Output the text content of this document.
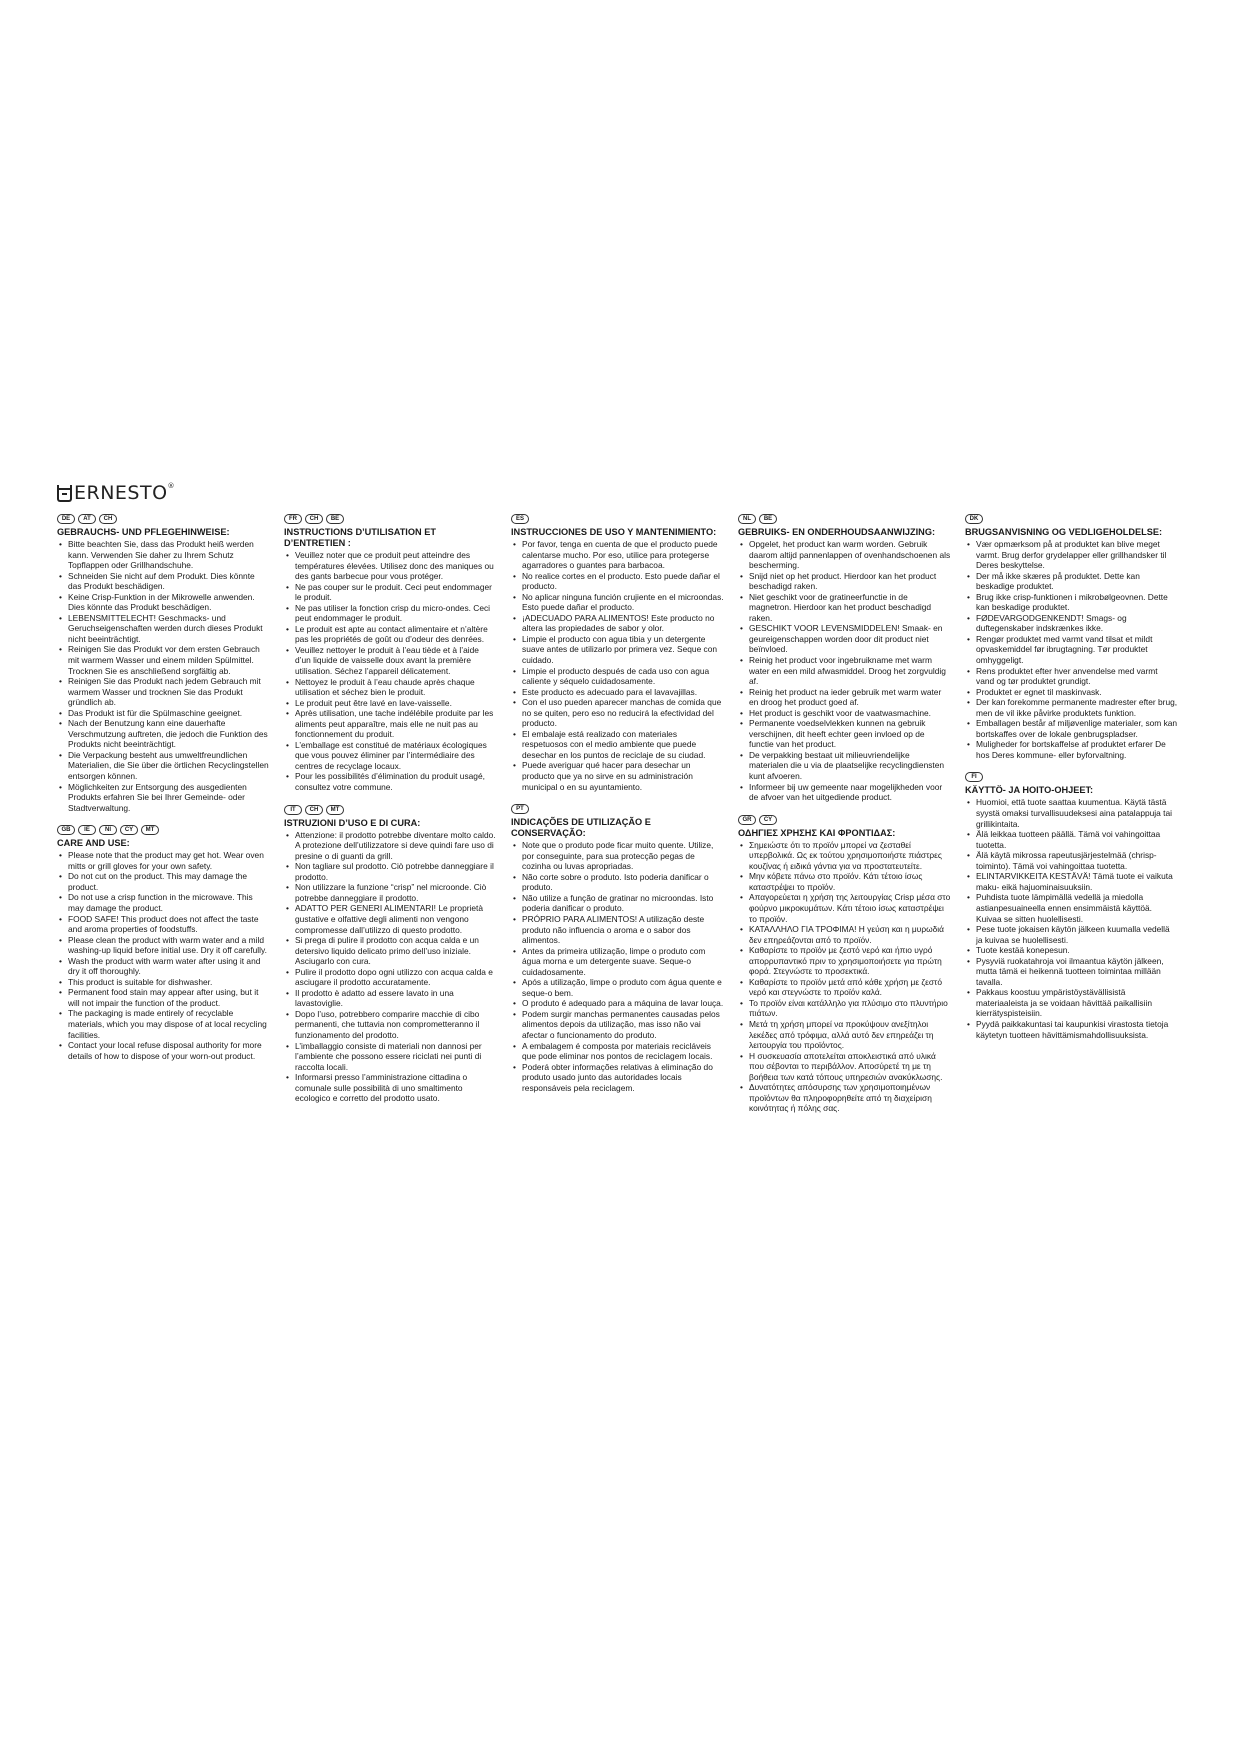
ERNESTO®
DE	AT	CH
GEBRAUCHS- UND PFLEGEHINWEISE:
• Bitte beachten Sie, dass das Produkt heiß werden kann. Verwenden Sie daher zu Ihrem Schutz Topflappen oder Grillhandschuhe.
• Schneiden Sie nicht auf dem Produkt. Dies könnte das Produkt beschädigen.
• Keine Crisp-Funktion in der Mikrowelle anwenden. Dies könnte das Produkt beschädigen.
• LEBENSMITTELECHT! Geschmacks- und Geruchseigenschaften werden durch dieses Produkt nicht beeinträchtigt.
• Reinigen Sie das Produkt vor dem ersten Gebrauch mit warmem Wasser und einem milden Spülmittel. Trocknen Sie es anschließend sorgfältig ab.
• Reinigen Sie das Produkt nach jedem Gebrauch mit warmem Wasser und trocknen Sie das Produkt gründlich ab.
• Das Produkt ist für die Spülmaschine geeignet.
• Nach der Benutzung kann eine dauerhafte Verschmutzung auftreten, die jedoch die Funktion des Produkts nicht beeinträchtigt.
• Die Verpackung besteht aus umweltfreundlichen Materialien, die Sie über die örtlichen Recyclingstellen entsorgen können.
• Möglichkeiten zur Entsorgung des ausgedienten Produkts erfahren Sie bei Ihrer Gemeinde- oder Stadtverwaltung.
GB	IE	NI	CY	MT
CARE AND USE:
• Please note that the product may get hot. Wear oven mitts or grill gloves for your own safety.
• Do not cut on the product. This may damage the product.
• Do not use a crisp function in the microwave. This may damage the product.
• FOOD SAFE! This product does not affect the taste and aroma properties of foodstuffs.
• Please clean the product with warm water and a mild washing-up liquid before initial use. Dry it off carefully.
• Wash the product with warm water after using it and dry it off thoroughly.
• This product is suitable for dishwasher.
• Permanent food stain may appear after using, but it will not impair the function of the product.
• The packaging is made entirely of recyclable materials, which you may dispose of at local recycling facilities.
• Contact your local refuse disposal authority for more details of how to dispose of your worn-out product.
FR	CH	BE
INSTRUCTIONS D’UTILISATION ET D’ENTRETIEN :
• Veuillez noter que ce produit peut atteindre des températures élevées. Utilisez donc des maniques ou des gants barbecue pour vous protéger.
• Ne pas couper sur le produit. Ceci peut endommager le produit.
• Ne pas utiliser la fonction crisp du micro-ondes. Ceci peut endommager le produit.
• Le produit est apte au contact alimentaire et n’altère pas les propriétés de goût ou d’odeur des denrées.
• Veuillez nettoyer le produit à l’eau tiède et à l’aide d’un liquide de vaisselle doux avant la première utilisation. Séchez l’appareil délicatement.
• Nettoyez le produit à l’eau chaude après chaque utilisation et séchez bien le produit.
• Le produit peut être lavé en lave-vaisselle.
• Après utilisation, une tache indélébile produite par les aliments peut apparaître, mais elle ne nuit pas au fonctionnement du produit.
• L’emballage est constitué de matériaux écologiques que vous pouvez éliminer par l’intermédiaire des centres de recyclage locaux.
• Pour les possibilités d’élimination du produit usagé, consultez votre commune.
IT	CH	MT
ISTRUZIONI D’USO E DI CURA:
• Attenzione: il prodotto potrebbe diventare molto caldo. A protezione dell’utilizzatore si deve quindi fare uso di presine o di guanti da grill.
• Non tagliare sul prodotto. Ciò potrebbe danneggiare il prodotto.
• Non utilizzare la funzione “crisp” nel microonde. Ciò potrebbe danneggiare il prodotto.
• ADATTO PER GENERI ALIMENTARI! Le proprietà gustative e olfattive degli alimenti non vengono compromesse dall’utilizzo di questo prodotto.
• Si prega di pulire il prodotto con acqua calda e un detersivo liquido delicato primo dell’uso iniziale. Asciugarlo con cura.
• Pulire il prodotto dopo ogni utilizzo con acqua calda e asciugare il prodotto accuratamente.
• Il prodotto è adatto ad essere lavato in una lavastoviglie.
• Dopo l’uso, potrebbero comparire macchie di cibo permanenti, che tuttavia non comprometteranno il funzionamento del prodotto.
• L’imballaggio consiste di materiali non dannosi per l’ambiente che possono essere riciclati nei punti di raccolta locali.
• Informarsi presso l’amministrazione cittadina o comunale sulle possibilità di uno smaltimento ecologico e corretto del prodotto usato.
ES
INSTRUCCIONES DE USO Y MANTENIMIENTO:
• Por favor, tenga en cuenta de que el producto puede calentarse mucho. Por eso, utilice para protegerse agarradores o guantes para barbacoa.
• No realice cortes en el producto. Esto puede dañar el producto.
• No aplicar ninguna función crujiente en el microondas. Esto puede dañar el producto.
• ¡ADECUADO PARA ALIMENTOS! Este producto no altera las propiedades de sabor y olor.
• Limpie el producto con agua tibia y un detergente suave antes de utilizarlo por primera vez. Seque con cuidado.
• Limpie el producto después de cada uso con agua caliente y séquelo cuidadosamente.
• Este producto es adecuado para el lavavajillas.
• Con el uso pueden aparecer manchas de comida que no se quiten, pero eso no reducirá la efectividad del producto.
• El embalaje está realizado con materiales respetuosos con el medio ambiente que puede desechar en los puntos de reciclaje de su ciudad.
• Puede averiguar qué hacer para desechar un producto que ya no sirve en su administración municipal o en su ayuntamiento.
PT
INDICAÇÕES DE UTILIZAÇÃO E CONSERVAÇÃO:
• Note que o produto pode ficar muito quente. Utilize, por conseguinte, para sua protecção pegas de cozinha ou luvas apropriadas.
• Não corte sobre o produto. Isto poderia danificar o produto.
• Não utilize a função de gratinar no microondas. Isto poderia danificar o produto.
• PRÓPRIO PARA ALIMENTOS! A utilização deste produto não influencia o aroma e o sabor dos alimentos.
• Antes da primeira utilização, limpe o produto com água morna e um detergente suave. Seque-o cuidadosamente.
• Após a utilização, limpe o produto com água quente e seque-o bem.
• O produto é adequado para a máquina de lavar louça.
• Podem surgir manchas permanentes causadas pelos alimentos depois da utilização, mas isso não vai afectar o funcionamento do produto.
• A embalagem é composta por materiais recicláveis que pode eliminar nos pontos de reciclagem locais.
• Poderá obter informações relativas à eliminação do produto usado junto das autoridades locais responsáveis pela reciclagem.
NL	BE
GEBRUIKS- EN ONDERHOUDSAANWIJZING:
• Opgelet, het product kan warm worden. Gebruik daarom altijd pannenlappen of ovenhandschoenen als bescherming.
• Snijd niet op het product. Hierdoor kan het product beschadigd raken.
• Niet geschikt voor de gratineerfunctie in de magnetron. Hierdoor kan het product beschadigd raken.
• GESCHIKT VOOR LEVENSMIDDELEN! Smaak- en geureigenschappen worden door dit product niet beïnvloed.
• Reinig het product voor ingebruikname met warm water en een mild afwasmiddel. Droog het zorgvuldig af.
• Reinig het product na ieder gebruik met warm water en droog het product goed af.
• Het product is geschikt voor de vaatwasmachine.
• Permanente voedselvlekken kunnen na gebruik verschijnen, dit heeft echter geen invloed op de functie van het product.
• De verpakking bestaat uit milieuvriendelijke materialen die u via de plaatselijke recyclingdiensten kunt afvoeren.
• Informeer bij uw gemeente naar mogelijkheden voor de afvoer van het uitgediende product.
GR	CY
ΟΔΗΓΙΕΣ ΧΡΗΣΗΣ ΚΑΙ ΦΡΟΝΤΙΔΑΣ:
• Σημειώστε ότι το προϊόν μπορεί να ζεσταθεί υπερβολικά. Ως εκ τούτου χρησιμοποιήστε πιάστρες κουζίνας ή ειδικά γάντια για να προστατευτείτε.
• Μην κόβετε πάνω στο προϊόν. Κάτι τέτοιο ίσως καταστρέψει το προϊόν.
• Απαγορεύεται η χρήση της λειτουργίας Crisp μέσα στο φούρνο μικροκυμάτων. Κάτι τέτοιο ίσως καταστρέψει το προϊόν.
• ΚΑΤΑΛΛΗΛΟ ΓΙΑ ΤΡΟΦΙΜΑ! Η γεύση και η μυρωδιά δεν επηρεάζονται από το προϊόν.
• Καθαρίστε το προϊόν με ζεστό νερό και ήπιο υγρό απορρυπαντικό πριν το χρησιμοποιήσετε για πρώτη φορά. Στεγνώστε το προσεκτικά.
• Καθαρίστε το προϊόν μετά από κάθε χρήση με ζεστό νερό και στεγνώστε το προϊόν καλά.
• Το προϊόν είναι κατάλληλο για πλύσιμο στο πλυντήριο πιάτων.
• Μετά τη χρήση μπορεί να προκύψουν ανεξίτηλοι λεκέδες από τρόφιμα, αλλά αυτό δεν επηρεάζει τη λειτουργία του προϊόντος.
• Η συσκευασία αποτελείται αποκλειστικά από υλικά που σέβονται το περιβάλλον. Αποσύρετέ τη με τη βοήθεια των κατά τόπους υπηρεσιών ανακύκλωσης.
• Δυνατότητες απόσυρσης των χρησιμοποιημένων προϊόντων θα πληροφορηθείτε από τη διαχείριση κοινότητας ή πόλης σας.
DK
BRUGSANVISNING OG VEDLIGEHOLDELSE:
• Vær opmærksom på at produktet kan blive meget varmt. Brug derfor grydelapper eller grillhandsker til Deres beskyttelse.
• Der må ikke skæres på produktet. Dette kan beskadige produktet.
• Brug ikke crisp-funktionen i mikrobølgeovnen. Dette kan beskadige produktet.
• FØDEVARGODGENKENDT! Smags- og duftegenskaber indskrænkes ikke.
• Rengør produktet med varmt vand tilsat et mildt opvaskemiddel før ibrugtagning. Tør produktet omhyggeligt.
• Rens produktet efter hver anvendelse med varmt vand og tør produktet grundigt.
• Produktet er egnet til maskinvask.
• Der kan forekomme permanente madrester efter brug, men de vil ikke påvirke produktets funktion.
• Emballagen består af miljøvenlige materialer, som kan bortskaffes over de lokale genbrugspladser.
• Muligheder for bortskaffelse af produktet erfarer De hos Deres kommune- eller byforvaltning.
FI
KÄYTTÖ- JA HOITO-OHJEET:
• Huomioi, että tuote saattaa kuumentua. Käytä tästä syystä omaksi turvallisuudeksesi aina patalappuja tai grillikintaita.
• Älä leikkaa tuotteen päällä. Tämä voi vahingoittaa tuotetta.
• Älä käytä mikrossa rapeutusjärjestelmää (chrisp-toiminto). Tämä voi vahingoittaa tuotetta.
• ELINTARVIKKEITA KESTÄVÄ! Tämä tuote ei vaikuta maku- eikä hajuominaisuuksiin.
• Puhdista tuote lämpimällä vedellä ja miedolla astianpesuaineella ennen ensimmäistä käyttöä. Kuivaa se sitten huolellisesti.
• Pese tuote jokaisen käytön jälkeen kuumalla vedellä ja kuivaa se huolellisesti.
• Tuote kestää konepesun.
• Pysyviä ruokatahroja voi ilmaantua käytön jälkeen, mutta tämä ei heikennä tuotteen toimintaa millään tavalla.
• Pakkaus koostuu ympäristöystävällisistä materiaaleista ja se voidaan hävittää paikallisiin kierrätyspisteisiin.
• Pyydä paikkakuntasi tai kaupunkisi virastosta tietoja käytetyn tuotteen hävittämismahdollisuuksista.
